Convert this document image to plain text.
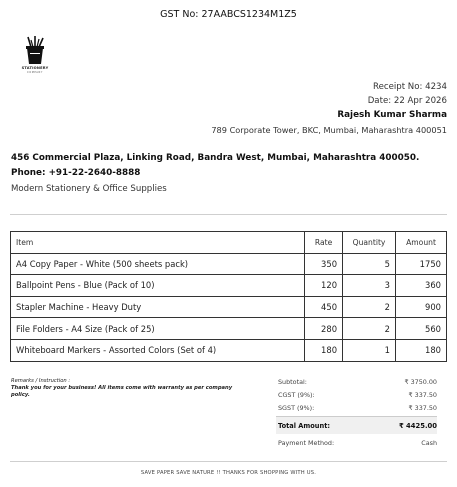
GST No: 27AABCS1234M1Z5
STATIONERY
COMPANY
Receipt No: 4234
Date: 22 Apr 2026
Rajesh Kumar Sharma
789 Corporate Tower, BKC, Mumbai, Maharashtra 400051
456 Commercial Plaza, Linking Road, Bandra West, Mumbai, Maharashtra 400050.
Phone: +91-22-2640-8888
Modern Stationery & Office Supplies
Item	Rate	Quantity	Amount
A4 Copy Paper - White (500 sheets pack)	350	5	1750
Ballpoint Pens - Blue (Pack of 10)	120	3	360
Stapler Machine - Heavy Duty	450	2	900
File Folders - A4 Size (Pack of 25)	280	2	560
Whiteboard Markers - Assorted Colors (Set of 4)	180	1	180
Remarks / Instruction :
Thank you for your business! All items come with warranty as per company policy.
Subtotal:	₹ 3750.00
CGST (9%):	₹ 337.50
SGST (9%):	₹ 337.50
Total Amount:	₹ 4425.00
Payment Method:	Cash
SAVE PAPER SAVE NATURE !! THANKS FOR SHOPPING WITH US.
